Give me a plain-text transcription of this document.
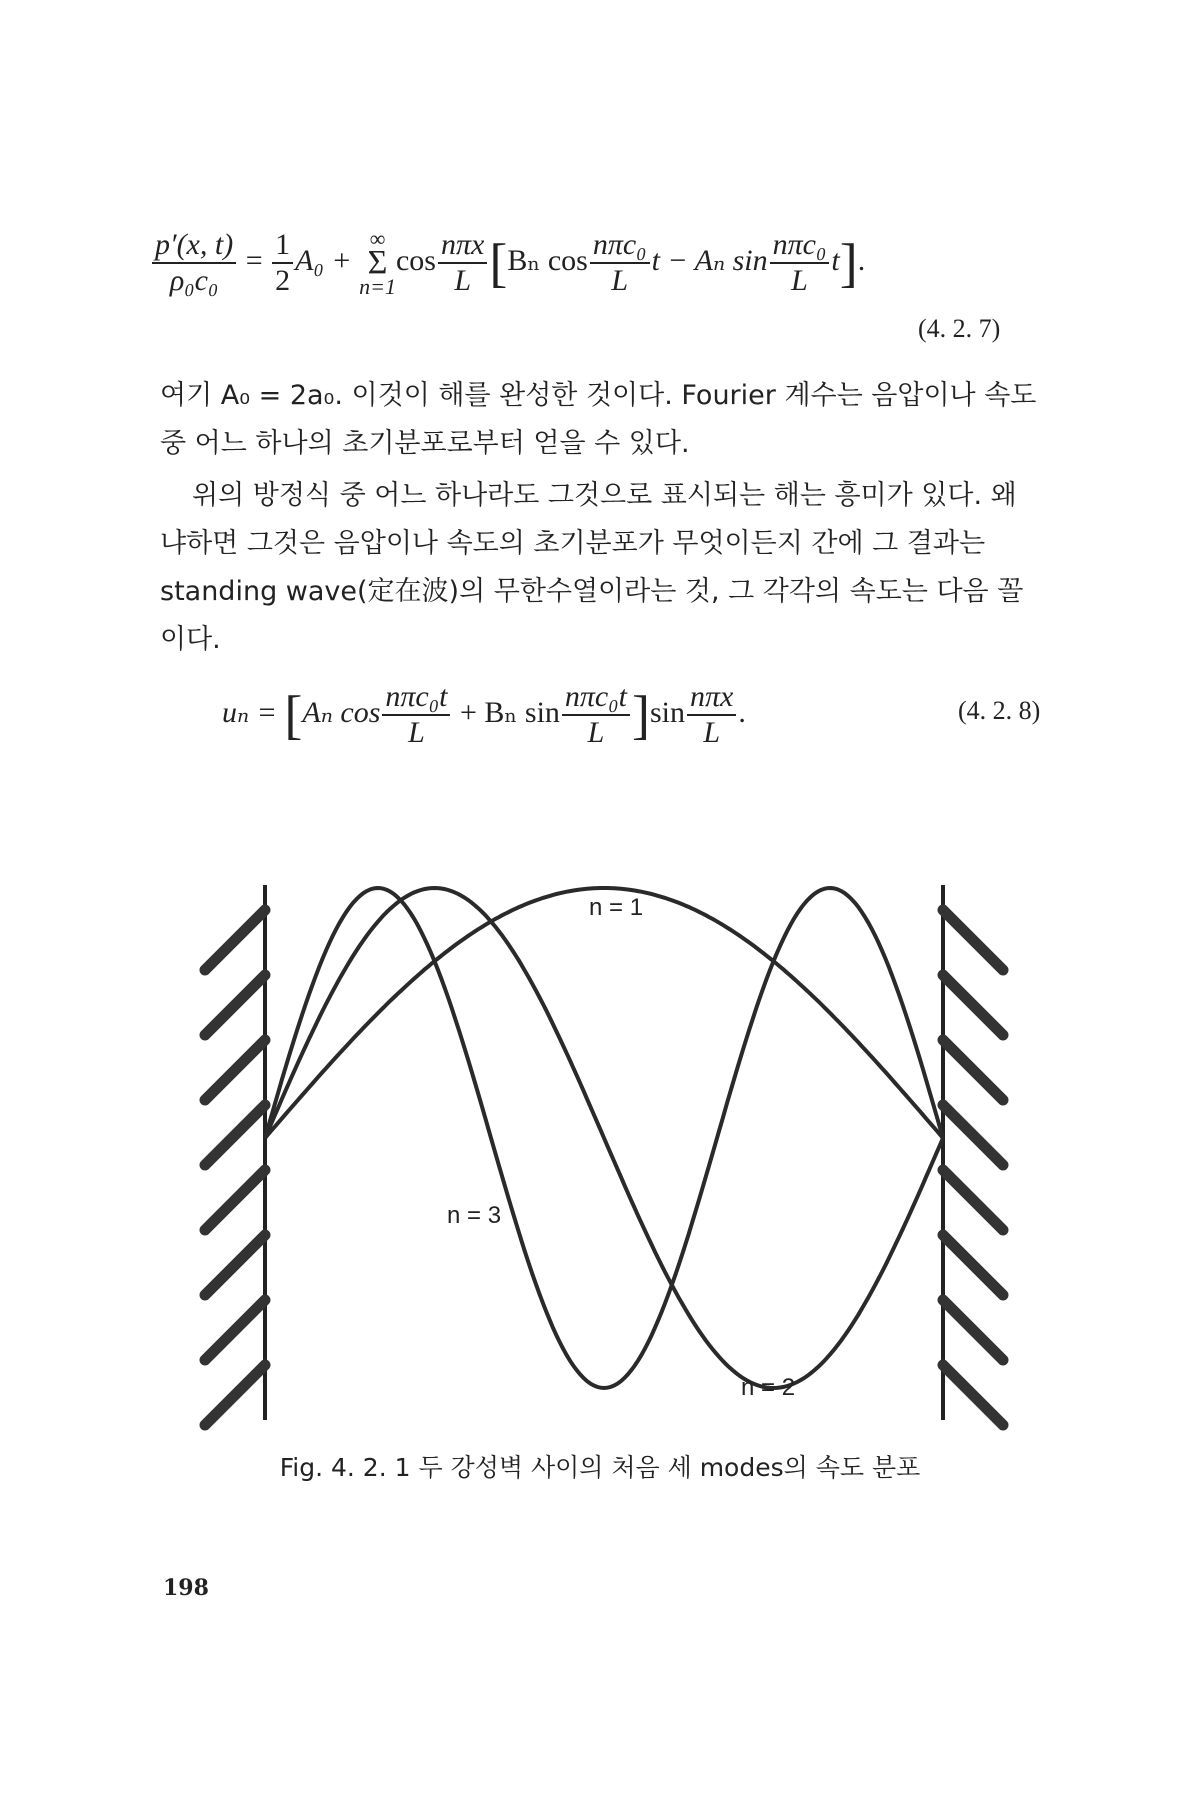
$\frac{p'(x, t)}{\text{ρ₀c₀}} = \frac{1}{2} A_0$ +
∞
Σ
n=1
$\cos \frac{\text{nπx}}{L} [B_n$ $\cos \frac{\text{nπc₀}}{L}$ t − Aₙ $\sin \frac{\text{nπc₀}}{L} t$].
(4. 2. 7)

여기 A₀ = 2a₀. 이것이 해를 완성한 것이다. Fourier 계수는 음압이나 속도 중 어느 하나의 초기분포로부터 얻을 수 있다.

위의 방정식 중 어느 하나라도 그것으로 표시되는 해는 흥미가 있다. 왜냐하면 그것은 음압이나 속도의 초기분포가 무엇이든지 간에 그 결과는 standing wave(定在波)의 무한수열이라는 것, 그 각각의 속도는 다음 꼴이다.

uₙ = [Aₙ $\cos \frac{\text{nπc₀t}}{L} + B_n$ $\sin \frac{\text{nπc₀t}}{L} ]\sin \frac{\text{nπx}}{L}$ .	(4. 2. 8)
n = 1
n = 3
n = 2
Fig. 4. 2. 1 두 강성벽 사이의 처음 세 modes의 속도 분포
198
